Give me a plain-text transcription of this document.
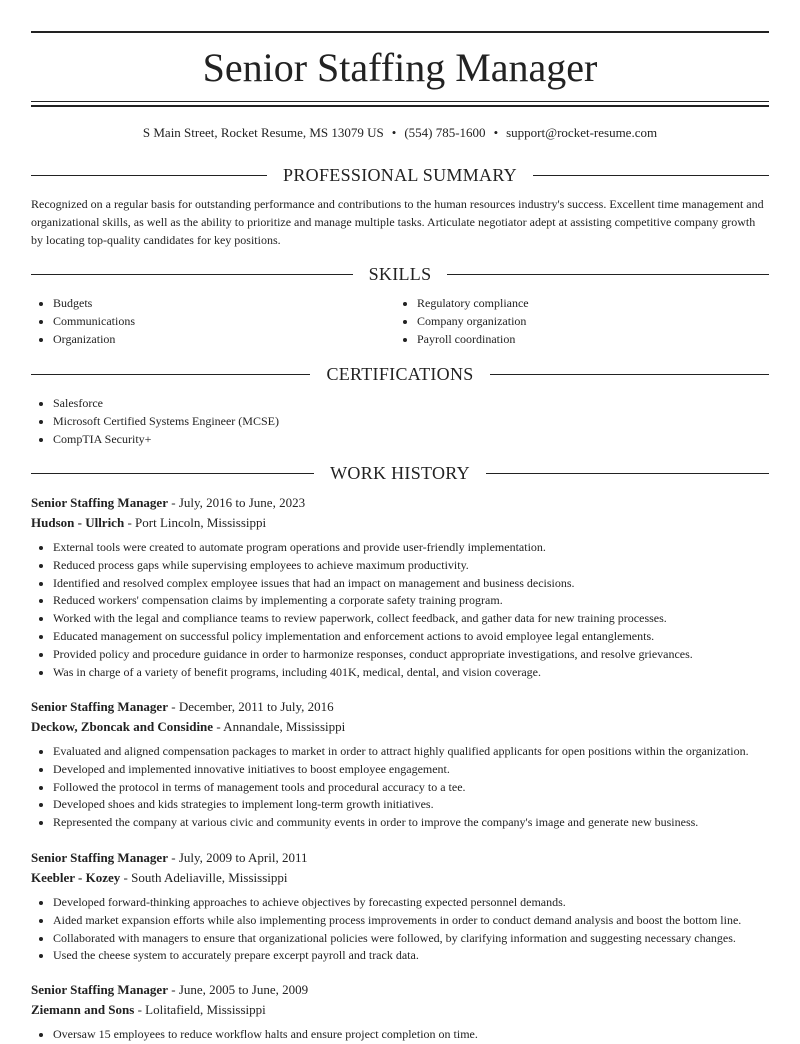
Senior Staffing Manager
S Main Street, Rocket Resume, MS 13079 US • (554) 785-1600 • support@rocket-resume.com
PROFESSIONAL SUMMARY
Recognized on a regular basis for outstanding performance and contributions to the human resources industry's success. Excellent time management and organizational skills, as well as the ability to prioritize and manage multiple tasks. Articulate negotiator adept at assisting competitive company growth by locating top-quality candidates for key positions.
SKILLS
• Budgets
• Communications
• Organization
• Regulatory compliance
• Company organization
• Payroll coordination
CERTIFICATIONS
• Salesforce
• Microsoft Certified Systems Engineer (MCSE)
• CompTIA Security+
WORK HISTORY
Senior Staffing Manager - July, 2016 to June, 2023
Hudson - Ullrich - Port Lincoln, Mississippi
• External tools were created to automate program operations and provide user-friendly implementation.
• Reduced process gaps while supervising employees to achieve maximum productivity.
• Identified and resolved complex employee issues that had an impact on management and business decisions.
• Reduced workers' compensation claims by implementing a corporate safety training program.
• Worked with the legal and compliance teams to review paperwork, collect feedback, and gather data for new training processes.
• Educated management on successful policy implementation and enforcement actions to avoid employee legal entanglements.
• Provided policy and procedure guidance in order to harmonize responses, conduct appropriate investigations, and resolve grievances.
• Was in charge of a variety of benefit programs, including 401K, medical, dental, and vision coverage.
Senior Staffing Manager - December, 2011 to July, 2016
Deckow, Zboncak and Considine - Annandale, Mississippi
• Evaluated and aligned compensation packages to market in order to attract highly qualified applicants for open positions within the organization.
• Developed and implemented innovative initiatives to boost employee engagement.
• Followed the protocol in terms of management tools and procedural accuracy to a tee.
• Developed shoes and kids strategies to implement long-term growth initiatives.
• Represented the company at various civic and community events in order to improve the company's image and generate new business.
Senior Staffing Manager - July, 2009 to April, 2011
Keebler - Kozey - South Adeliaville, Mississippi
• Developed forward-thinking approaches to achieve objectives by forecasting expected personnel demands.
• Aided market expansion efforts while also implementing process improvements in order to conduct demand analysis and boost the bottom line.
• Collaborated with managers to ensure that organizational policies were followed, by clarifying information and suggesting necessary changes.
• Used the cheese system to accurately prepare excerpt payroll and track data.
Senior Staffing Manager - June, 2005 to June, 2009
Ziemann and Sons - Lolitafield, Mississippi
• Oversaw 15 employees to reduce workflow halts and ensure project completion on time.
